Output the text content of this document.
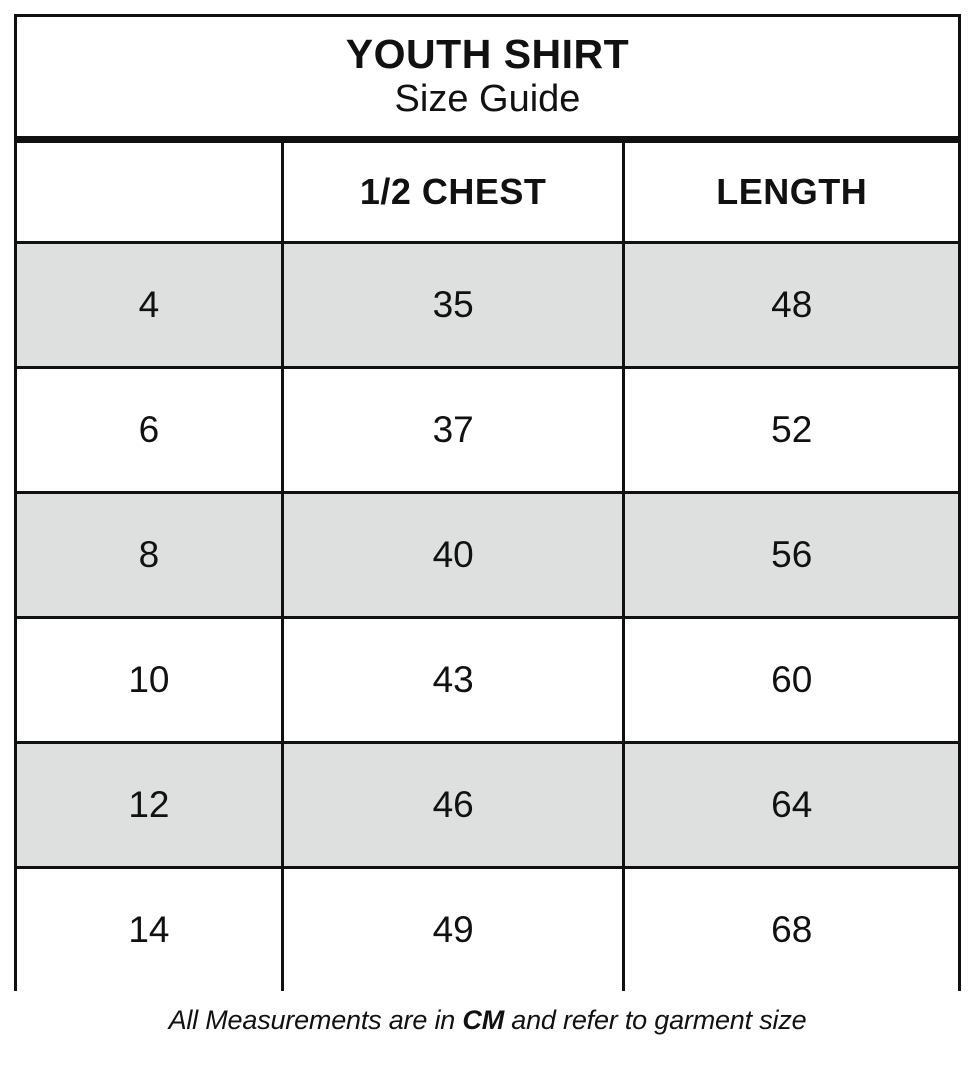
YOUTH SHIRT
Size Guide
	1/2 CHEST	LENGTH
4	35	48
6	37	52
8	40	56
10	43	60
12	46	64
14	49	68
All Measurements are in CM and refer to garment size
